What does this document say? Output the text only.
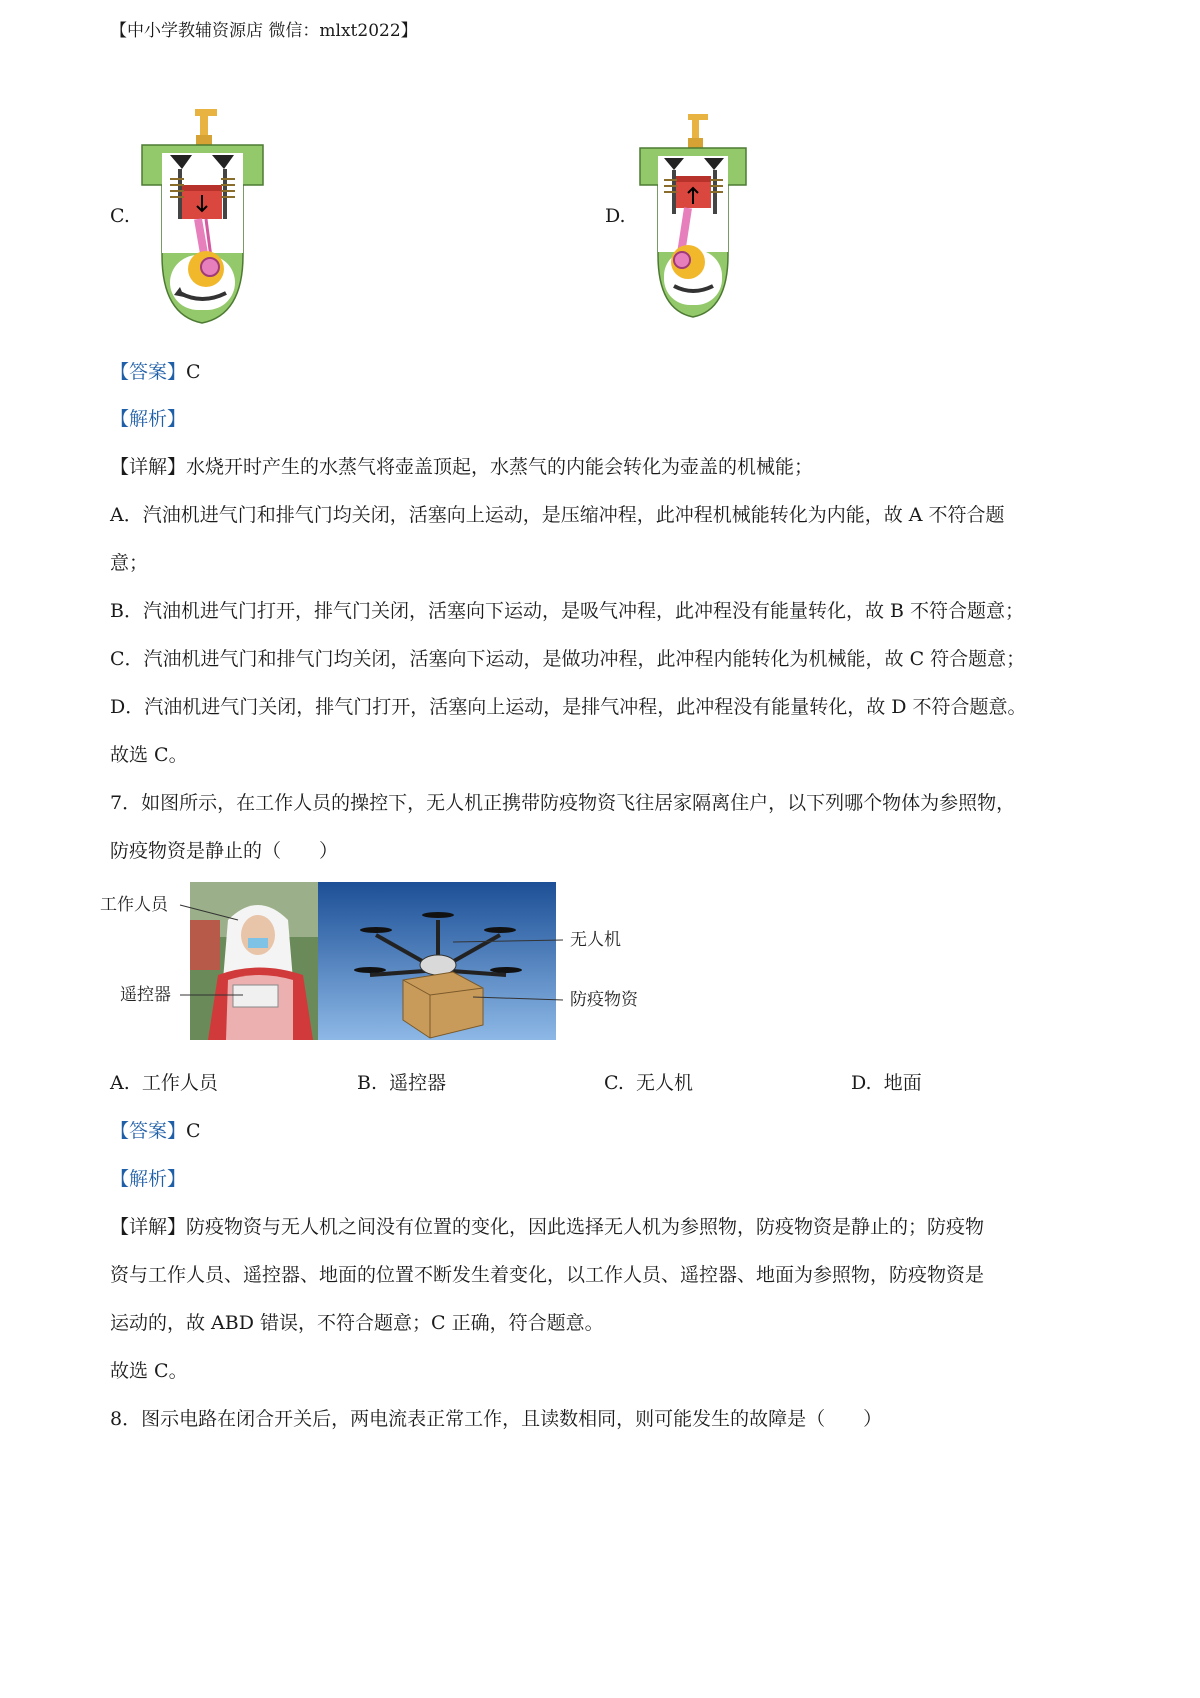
【中小学教辅资源店 微信：mlxt2022】
C.	D.
【答案】C
【解析】
【详解】水烧开时产生的水蒸气将壶盖顶起，水蒸气的内能会转化为壶盖的机械能；
A．汽油机进气门和排气门均关闭，活塞向上运动，是压缩冲程，此冲程机械能转化为内能，故 A 不符合题
意；
B．汽油机进气门打开，排气门关闭，活塞向下运动，是吸气冲程，此冲程没有能量转化，故 B 不符合题意；
C．汽油机进气门和排气门均关闭，活塞向下运动，是做功冲程，此冲程内能转化为机械能，故 C 符合题意；
D．汽油机进气门关闭，排气门打开，活塞向上运动，是排气冲程，此冲程没有能量转化，故 D 不符合题意。
故选 C。
7．如图所示，在工作人员的操控下，无人机正携带防疫物资飞往居家隔离住户，以下列哪个物体为参照物，
防疫物资是静止的（　　）
工作人员
遥控器
无人机
防疫物资
A. 工作人员	B. 遥控器	C. 无人机	D. 地面
【答案】C
【解析】
【详解】防疫物资与无人机之间没有位置的变化，因此选择无人机为参照物，防疫物资是静止的；防疫物
资与工作人员、遥控器、地面的位置不断发生着变化，以工作人员、遥控器、地面为参照物，防疫物资是
运动的，故 ABD 错误，不符合题意；C 正确，符合题意。
故选 C。
8．图示电路在闭合开关后，两电流表正常工作，且读数相同，则可能发生的故障是（　　）
